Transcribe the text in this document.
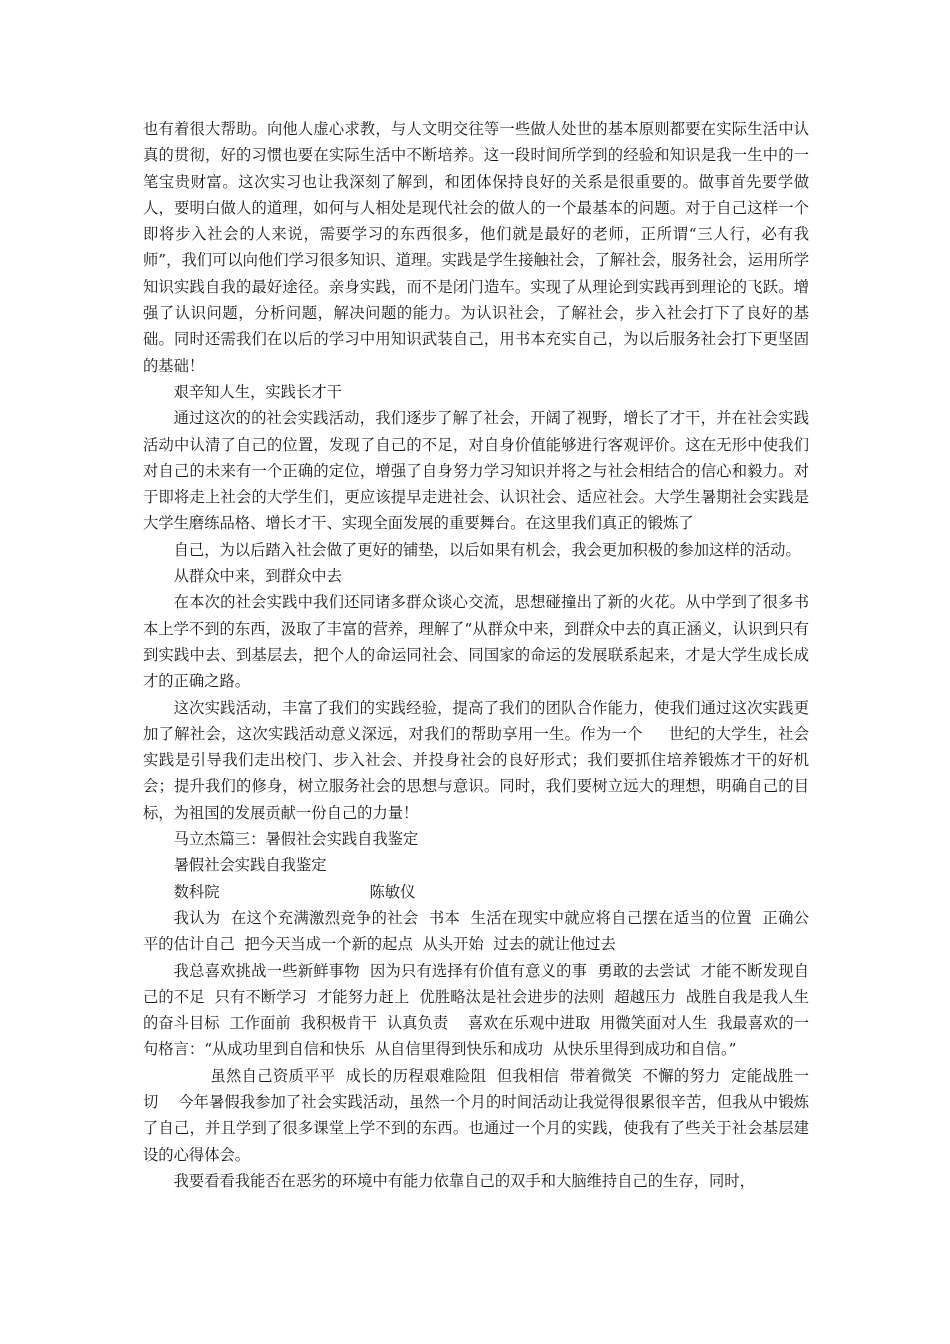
也有着很大帮助。向他人虚心求教，与人文明交往等一些做人处世的基本原则都要在实际生活中认真的贯彻，好的习惯也要在实际生活中不断培养。这一段时间所学到的经验和知识是我一生中的一笔宝贵财富。这次实习也让我深刻了解到，和团体保持良好的关系是很重要的。做事首先要学做人，要明白做人的道理，如何与人相处是现代社会的做人的一个最基本的问题。对于自己这样一个即将步入社会的人来说，需要学习的东西很多，他们就是最好的老师，正所谓“三人行，必有我师”，我们可以向他们学习很多知识、道理。实践是学生接触社会，了解社会，服务社会，运用所学知识实践自我的最好途径。亲身实践，而不是闭门造车。实现了从理论到实践再到理论的飞跃。增强了认识问题，分析问题，解决问题的能力。为认识社会，了解社会，步入社会打下了良好的基础。同时还需我们在以后的学习中用知识武装自己，用书本充实自己，为以后服务社会打下更坚固的基础！

艰辛知人生，实践长才干

通过这次的的社会实践活动，我们逐步了解了社会，开阔了视野，增长了才干，并在社会实践活动中认清了自己的位置，发现了自己的不足，对自身价值能够进行客观评价。这在无形中使我们对自己的未来有一个正确的定位，增强了自身努力学习知识并将之与社会相结合的信心和毅力。对于即将走上社会的大学生们，更应该提早走进社会、认识社会、适应社会。大学生暑期社会实践是大学生磨练品格、增长才干、实现全面发展的重要舞台。在这里我们真正的锻炼了

自己，为以后踏入社会做了更好的铺垫，以后如果有机会，我会更加积极的参加这样的活动。

从群众中来，到群众中去

在本次的社会实践中我们还同诸多群众谈心交流，思想碰撞出了新的火花。从中学到了很多书本上学不到的东西，汲取了丰富的营养，理解了“从群众中来，到群众中去的真正涵义，认识到只有到实践中去、到基层去，把个人的命运同社会、同国家的命运的发展联系起来，才是大学生成长成才的正确之路。

这次实践活动，丰富了我们的实践经验，提高了我们的团队合作能力，使我们通过这次实践更加了解社会，这次实践活动意义深远，对我们的帮助享用一生。作为一个　  世纪的大学生，社会实践是引导我们走出校门、步入社会、并投身社会的良好形式；我们要抓住培养锻炼才干的好机会；提升我们的修身，树立服务社会的思想与意识。同时，我们要树立远大的理想，明确自己的目标，为祖国的发展贡献一份自己的力量！

马立杰篇三：暑假社会实践自我鉴定

暑假社会实践自我鉴定

数科院	陈敏仪

我认为  在这个充满激烈竞争的社会  书本  生活在现实中就应将自己摆在适当的位置  正确公平的估计自己  把今天当成一个新的起点  从头开始  过去的就让他过去

我总喜欢挑战一些新鲜事物  因为只有选择有价值有意义的事  勇敢的去尝试  才能不断发现自己的不足  只有不断学习  才能努力赶上  优胜略汰是社会进步的法则  超越压力  战胜自我是我人生的奋斗目标  工作面前  我积极肯干  认真负责    喜欢在乐观中进取  用微笑面对人生  我最喜欢的一句格言：“从成功里到自信和快乐  从自信里得到快乐和成功  从快乐里得到成功和自信。”

虽然自己资质平平  成长的历程艰难险阻  但我相信  带着微笑  不懈的努力  定能战胜一切    今年暑假我参加了社会实践活动，虽然一个月的时间活动让我觉得很累很辛苦，但我从中锻炼了自己，并且学到了很多课堂上学不到的东西。也通过一个月的实践，使我有了些关于社会基层建设的心得体会。

我要看看我能否在恶劣的环境中有能力依靠自己的双手和大脑维持自己的生存，同时，
